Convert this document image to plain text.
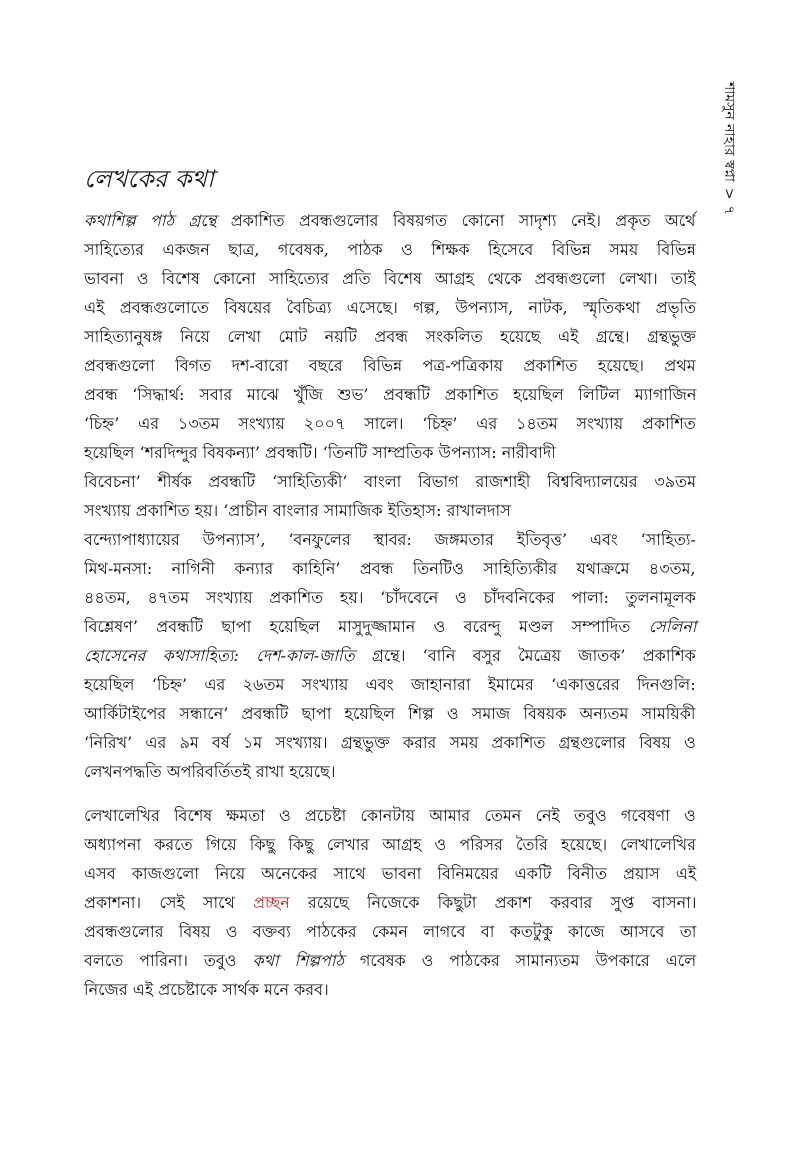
শামসুন নাহার স্বপ্না>৭
লেখকের কথা

কথাশিল্প পাঠ গ্রন্থে প্রকাশিত প্রবন্ধগুলোর বিষয়গত কোনো সাদৃশ্য নেই। প্রকৃত অর্থে
সাহিত্যের একজন ছাত্র, গবেষক, পাঠক ও শিক্ষক হিসেবে বিভিন্ন সময় বিভিন্ন
ভাবনা ও বিশেষ কোনো সাহিত্যের প্রতি বিশেষ আগ্রহ থেকে প্রবন্ধগুলো লেখা। তাই
এই প্রবন্ধগুলোতে বিষয়ের বৈচিত্র্য এসেছে। গল্প, উপন্যাস, নাটক, স্মৃতিকথা প্রভৃতি
সাহিত্যানুষঙ্গ নিয়ে লেখা মোট নয়টি প্রবন্ধ সংকলিত হয়েছে এই গ্রন্থে। গ্রন্থভুক্ত
প্রবন্ধগুলো বিগত দশ-বারো বছরে বিভিন্ন পত্র-পত্রিকায় প্রকাশিত হয়েছে। প্রথম
প্রবন্ধ ‘সিদ্ধার্থ: সবার মাঝে খুঁজি শুভ’ প্রবন্ধটি প্রকাশিত হয়েছিল লিটিল ম্যাগাজিন
‘চিহ্ন’ এর ১৩তম সংখ্যায় ২০০৭ সালে। ‘চিহ্ন’ এর ১৪তম সংখ্যায় প্রকাশিত
হয়েছিল ‘শরদিন্দুর বিষকন্যা’ প্রবন্ধটি। ‘তিনটি সাম্প্রতিক উপন্যাস: নারীবাদী
বিবেচনা’ শীর্ষক প্রবন্ধটি ‘সাহিত্যিকী’ বাংলা বিভাগ রাজশাহী বিশ্ববিদ্যালয়ের ৩৯তম
সংখ্যায় প্রকাশিত হয়। ‘প্রাচীন বাংলার সামাজিক ইতিহাস: রাখালদাস
বন্দ্যোপাধ্যায়ের উপন্যাস’, ‘বনফুলের স্থাবর: জঙ্গমতার ইতিবৃত্ত’ এবং ‘সাহিত্য-
মিথ-মনসা: নাগিনী কন্যার কাহিনি’ প্রবন্ধ তিনটিও সাহিত্যিকীর যথাক্রমে ৪৩তম,
৪৪তম, ৪৭তম সংখ্যায় প্রকাশিত হয়। ‘চাঁদবেনে ও চাঁদবনিকের পালা: তুলনামূলক
বিশ্লেষণ’ প্রবন্ধটি ছাপা হয়েছিল মাসুদুজ্জামান ও বরেন্দু মণ্ডল সম্পাদিত সেলিনা
হোসেনের কথাসাহিত্য: দেশ-কাল-জাতি গ্রন্থে। ‘বানি বসুর মৈত্রেয় জাতক’ প্রকাশিক
হয়েছিল ‘চিহ্ন’ এর ২৬তম সংখ্যায় এবং জাহানারা ইমামের ‘একাত্তরের দিনগুলি:
আর্কিটাইপের সন্ধানে’ প্রবন্ধটি ছাপা হয়েছিল শিল্প ও সমাজ বিষয়ক অন্যতম সাময়িকী
‘নিরিখ’ এর ৯ম বর্ষ ১ম সংখ্যায়। গ্রন্থভুক্ত করার সময় প্রকাশিত গ্রন্থগুলোর বিষয় ও
লেখনপদ্ধতি অপরিবর্তিতই রাখা হয়েছে।

লেখালেখির বিশেষ ক্ষমতা ও প্রচেষ্টা কোনটায় আমার তেমন নেই তবুও গবেষণা ও
অধ্যাপনা করতে গিয়ে কিছু কিছু লেখার আগ্রহ ও পরিসর তৈরি হয়েছে। লেখালেখির
এসব কাজগুলো নিয়ে অনেকের সাথে ভাবনা বিনিময়ের একটি বিনীত প্রয়াস এই
প্রকাশনা। সেই সাথে প্রচ্ছন রয়েছে নিজেকে কিছুটা প্রকাশ করবার সুপ্ত বাসনা।
প্রবন্ধগুলোর বিষয় ও বক্তব্য পাঠকের কেমন লাগবে বা কতটুকু কাজে আসবে তা
বলতে পারিনা। তবুও কথা শিল্পপাঠ গবেষক ও পাঠকের সামান্যতম উপকারে এলে
নিজের এই প্রচেষ্টাকে সার্থক মনে করব।
